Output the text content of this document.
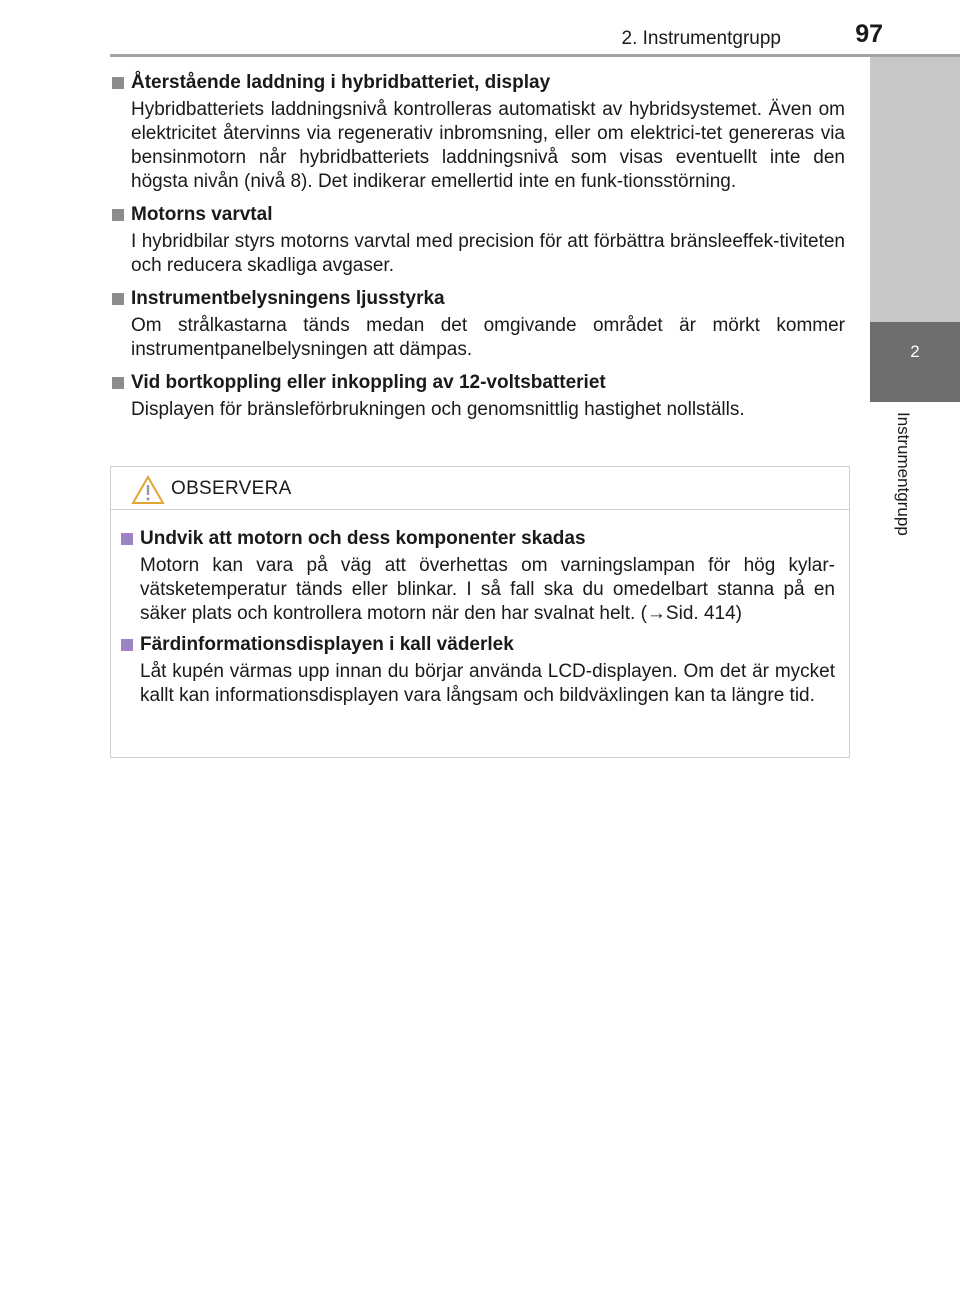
2. Instrumentgrupp	97
2
Instrumentgrupp
Återstående laddning i hybridbatteriet, display

Hybridbatteriets laddningsnivå kontrolleras automatiskt av hybridsystemet. Även om elektricitet återvinns via regenerativ inbromsning, eller om elektrici-tet genereras via bensinmotorn når hybridbatteriets laddningsnivå som visas eventuellt inte den högsta nivån (nivå 8). Det indikerar emellertid inte en funk-tionsstörning.

Motorns varvtal

I hybridbilar styrs motorns varvtal med precision för att förbättra bränsleeffek-tiviteten och reducera skadliga avgaser.

Instrumentbelysningens ljusstyrka

Om strålkastarna tänds medan det omgivande området är mörkt kommer instrumentpanelbelysningen att dämpas.

Vid bortkoppling eller inkoppling av 12-voltsbatteriet

Displayen för bränsleförbrukningen och genomsnittlig hastighet nollställs.

OBSERVERA
Undvik att motorn och dess komponenter skadas

Motorn kan vara på väg att överhettas om varningslampan för hög kylar-vätsketemperatur tänds eller blinkar. I så fall ska du omedelbart stanna på en säker plats och kontrollera motorn när den har svalnat helt. (→Sid. 414)

Färdinformationsdisplayen i kall väderlek

Låt kupén värmas upp innan du börjar använda LCD-displayen. Om det är mycket kallt kan informationsdisplayen vara långsam och bildväxlingen kan ta längre tid.
